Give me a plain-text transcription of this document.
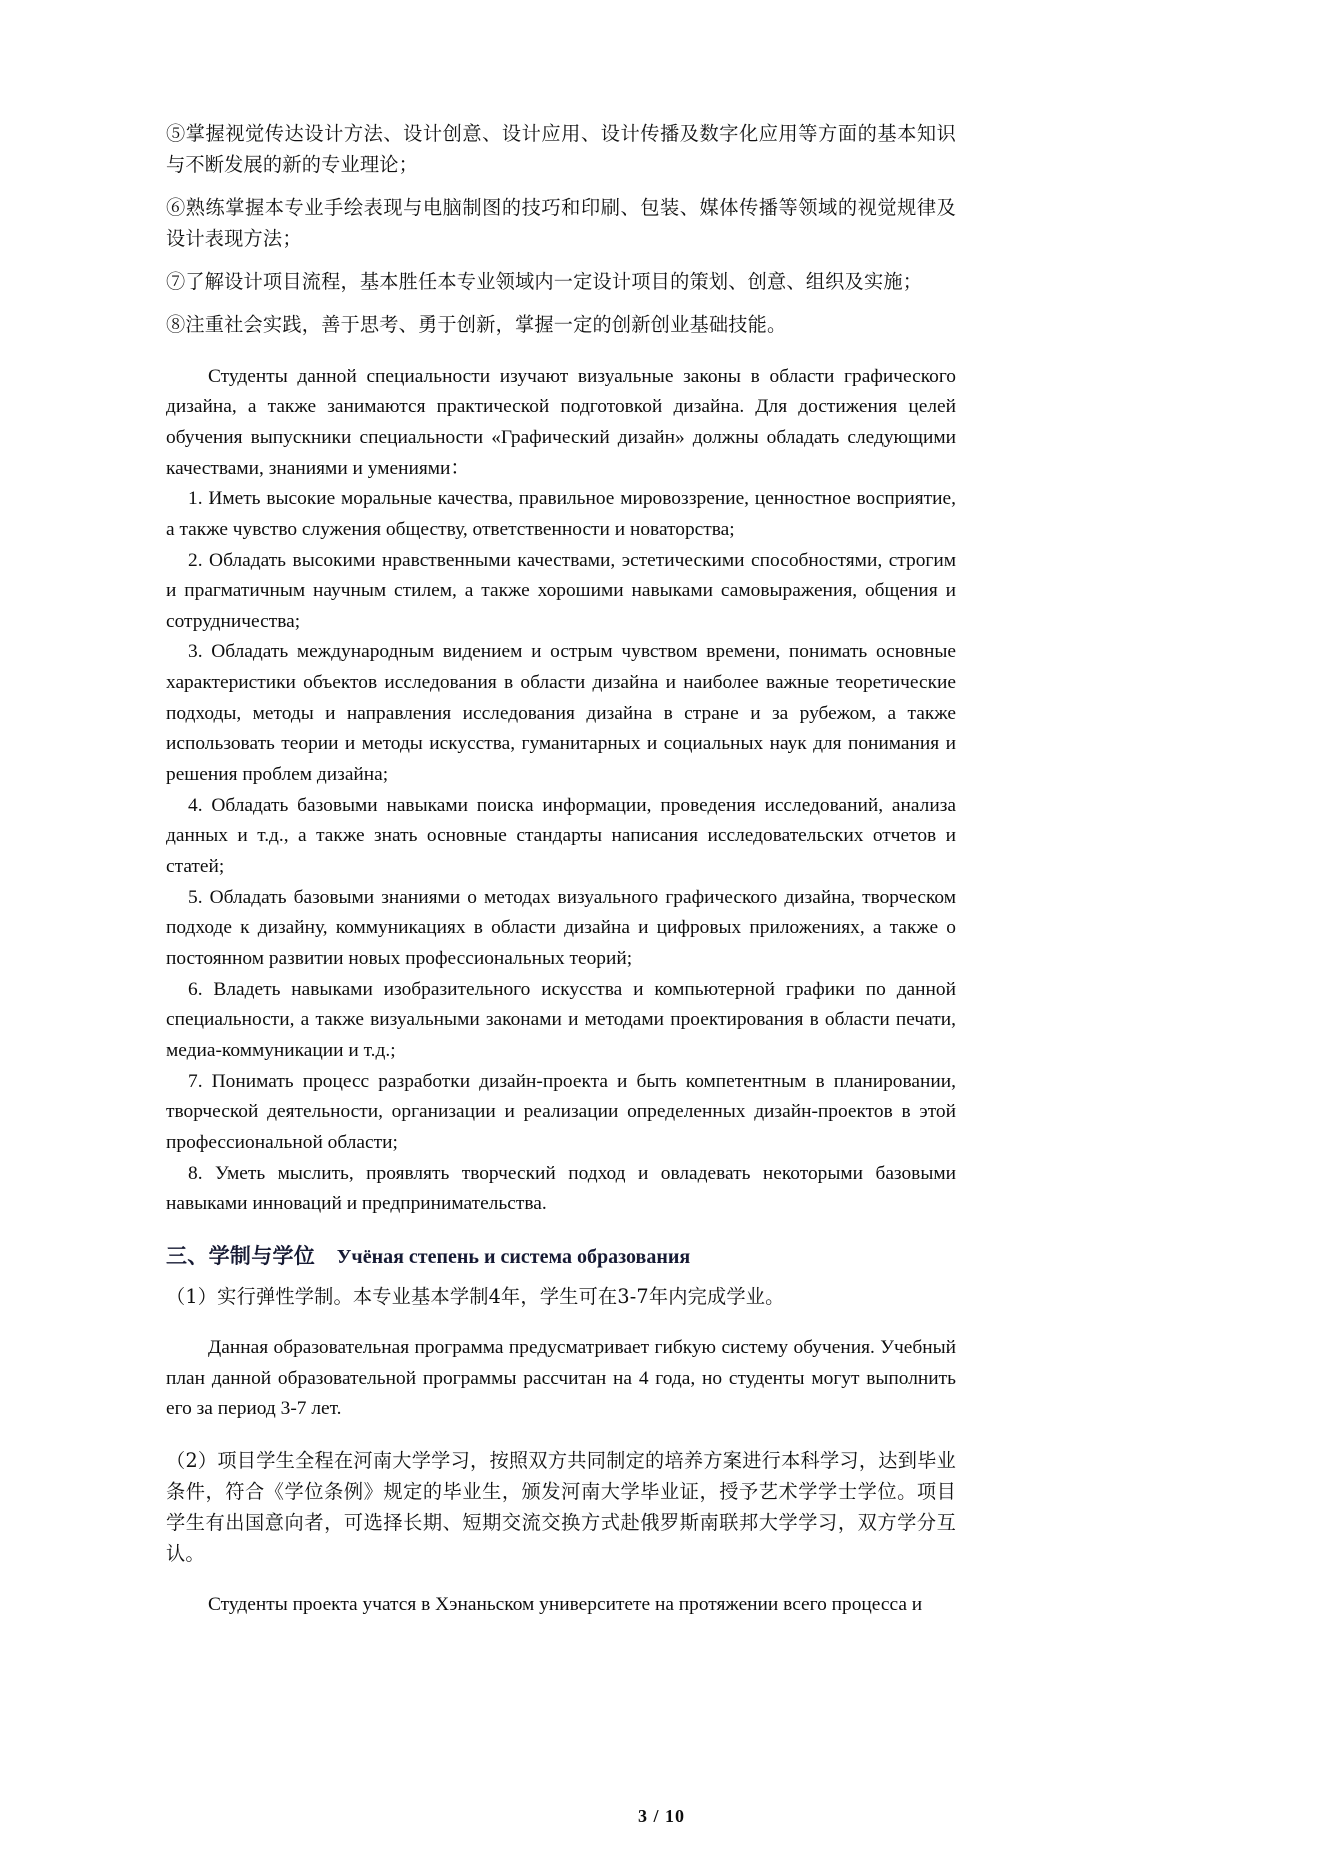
⑤掌握视觉传达设计方法、设计创意、设计应用、设计传播及数字化应用等方面的基本知识与不断发展的新的专业理论；

⑥熟练掌握本专业手绘表现与电脑制图的技巧和印刷、包装、媒体传播等领域的视觉规律及设计表现方法；

⑦了解设计项目流程，基本胜任本专业领域内一定设计项目的策划、创意、组织及实施；

⑧注重社会实践，善于思考、勇于创新，掌握一定的创新创业基础技能。

Студенты данной специальности изучают визуальные законы в области графического дизайна, а также занимаются практической подготовкой дизайна. Для достижения целей обучения выпускники специальности «Графический дизайн» должны обладать следующими качествами, знаниями и умениями：

1. Иметь высокие моральные качества, правильное мировоззрение, ценностное восприятие, а также чувство служения обществу, ответственности и новаторства;

2. Обладать высокими нравственными качествами, эстетическими способностями, строгим и прагматичным научным стилем, а также хорошими навыками самовыражения, общения и сотрудничества;

3. Обладать международным видением и острым чувством времени, понимать основные характеристики объектов исследования в области дизайна и наиболее важные теоретические подходы, методы и направления исследования дизайна в стране и за рубежом, а также использовать теории и методы искусства, гуманитарных и социальных наук для понимания и решения проблем дизайна;

4. Обладать базовыми навыками поиска информации, проведения исследований, анализа данных и т.д., а также знать основные стандарты написания исследовательских отчетов и статей;

5. Обладать базовыми знаниями о методах визуального графического дизайна, творческом подходе к дизайну, коммуникациях в области дизайна и цифровых приложениях, а также о постоянном развитии новых профессиональных теорий;

6. Владеть навыками изобразительного искусства и компьютерной графики по данной специальности, а также визуальными законами и методами проектирования в области печати, медиа-коммуникации и т.д.;

7. Понимать процесс разработки дизайн-проекта и быть компетентным в планировании, творческой деятельности, организации и реализации определенных дизайн-проектов в этой профессиональной области;

8. Уметь мыслить, проявлять творческий подход и овладевать некоторыми базовыми навыками инноваций и предпринимательства.

三、学制与学位 Учёная степень и система образования

（1）实行弹性学制。本专业基本学制4年，学生可在3-7年内完成学业。

Данная образовательная программа предусматривает гибкую систему обучения. Учебный план данной образовательной программы рассчитан на 4 года, но студенты могут выполнить его за период 3-7 лет.

（2）项目学生全程在河南大学学习，按照双方共同制定的培养方案进行本科学习，达到毕业条件，符合《学位条例》规定的毕业生，颁发河南大学毕业证，授予艺术学学士学位。项目学生有出国意向者，可选择长期、短期交流交换方式赴俄罗斯南联邦大学学习，双方学分互认。

Студенты проекта учатся в Хэнаньском университете на протяжении всего процесса и

3 / 10
